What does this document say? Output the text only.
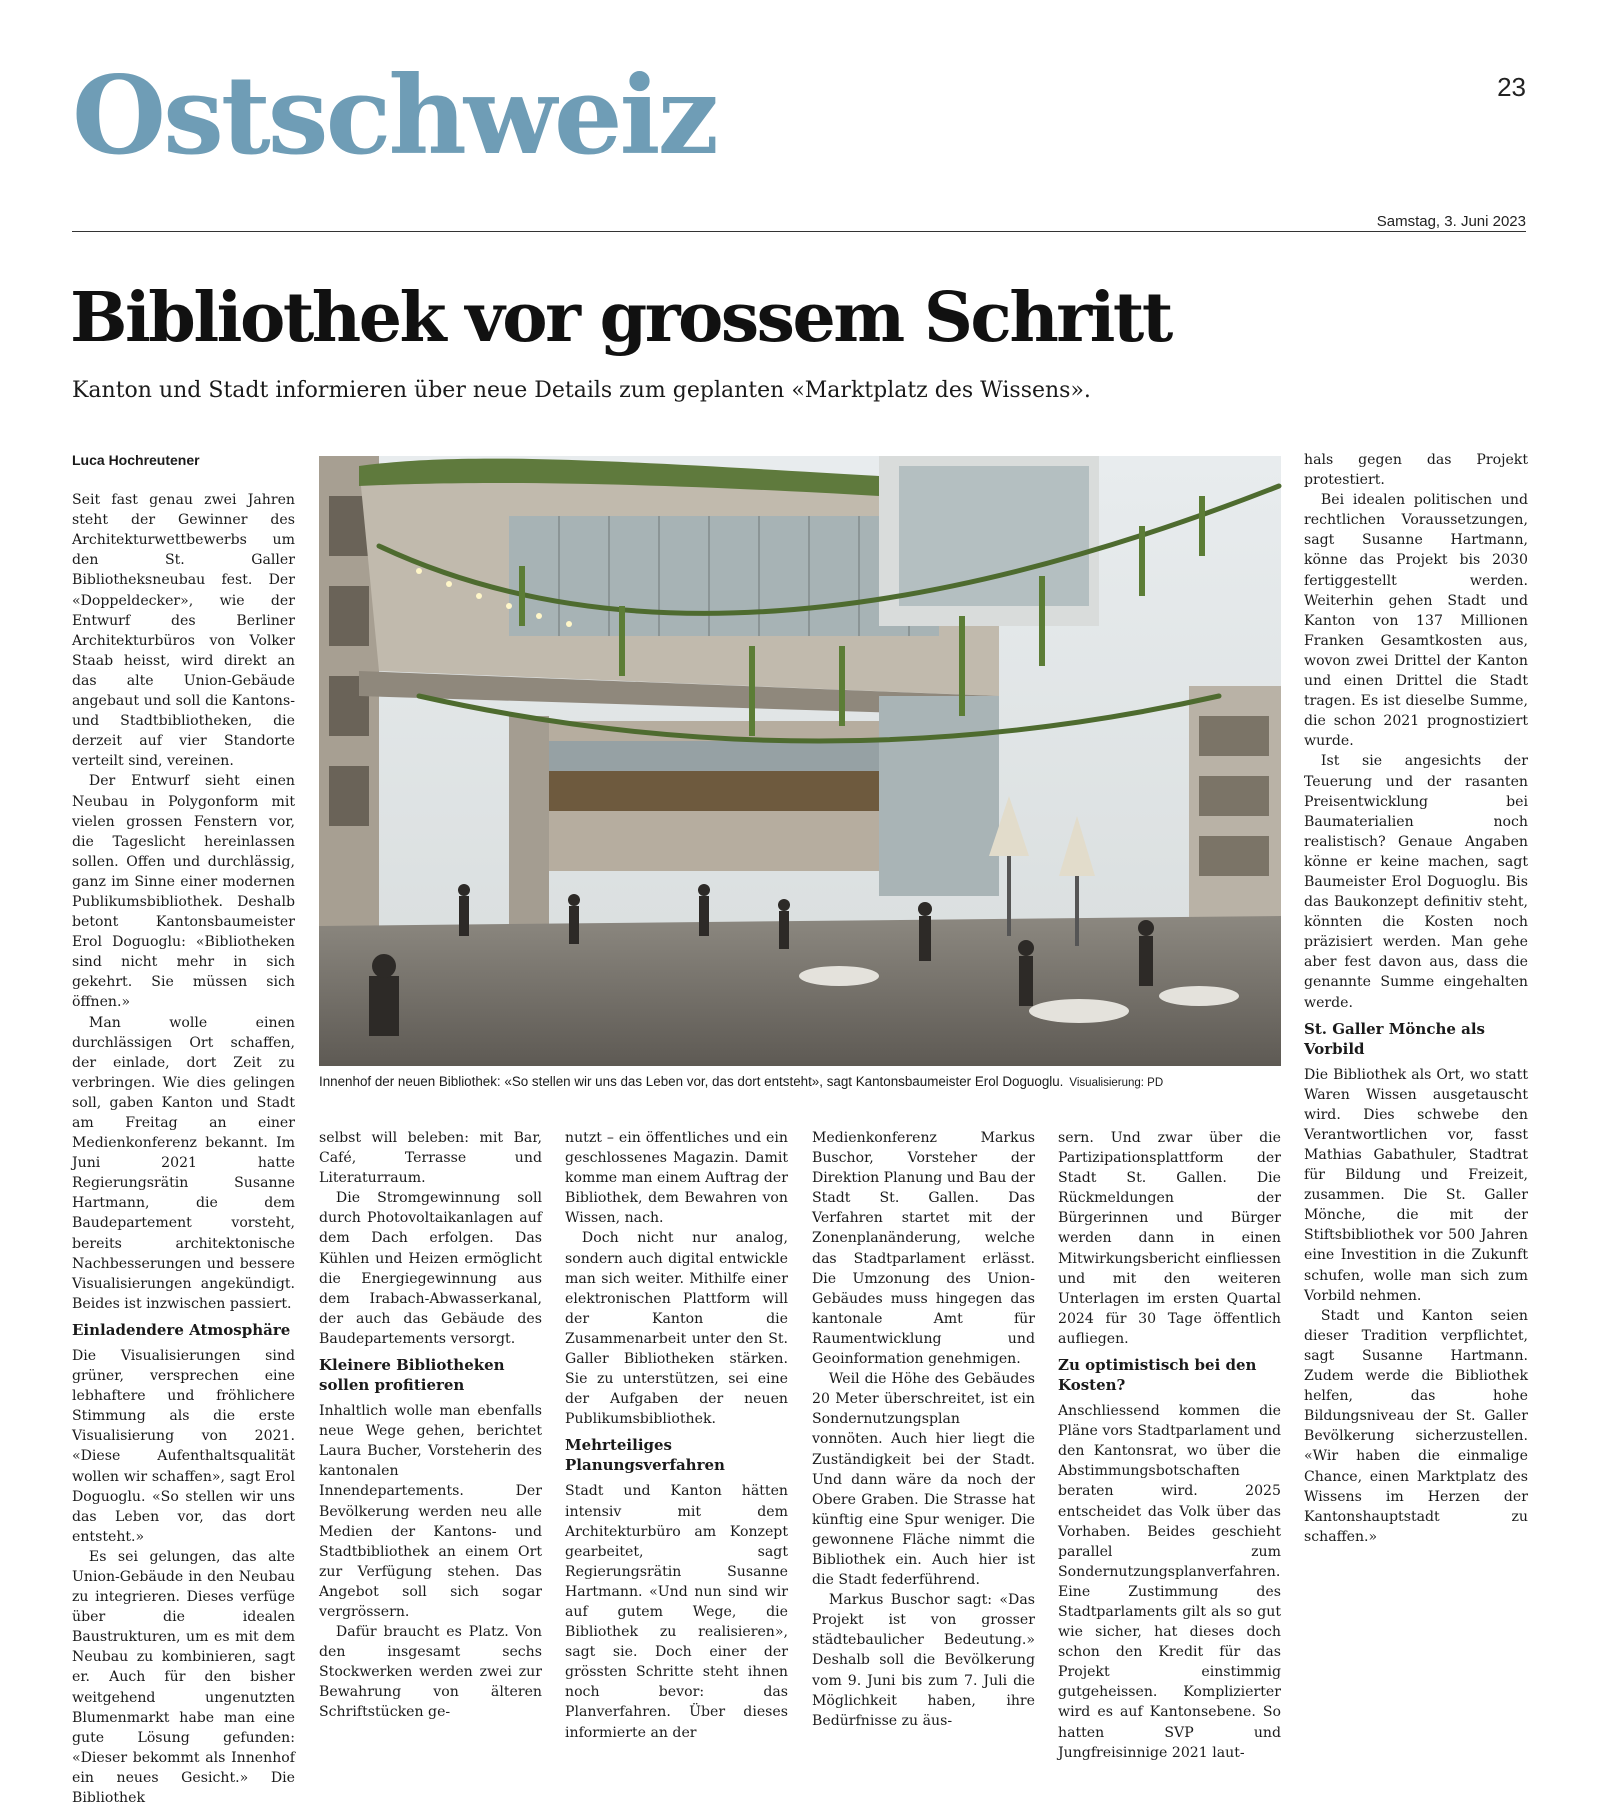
Ostschweiz	23
Samstag, 3. Juni 2023
Bibliothek vor grossem Schritt
Kanton und Stadt informieren über neue Details zum geplanten «Marktplatz des Wissens».
Luca Hochreutener

Seit fast genau zwei Jahren steht der Gewinner des Architekturwettbewerbs um den St. Galler Bibliotheksneubau fest. Der «Doppeldecker», wie der Entwurf des Berliner Architekturbüros von Volker Staab heisst, wird direkt an das alte Union-Gebäude angebaut und soll die Kantons- und Stadtbibliotheken, die derzeit auf vier Standorte verteilt sind, vereinen.

Der Entwurf sieht einen Neubau in Polygonform mit vielen grossen Fenstern vor, die Tageslicht hereinlassen sollen. Offen und durchlässig, ganz im Sinne einer modernen Publikumsbibliothek. Deshalb betont Kantonsbaumeister Erol Doguoglu: «Bibliotheken sind nicht mehr in sich gekehrt. Sie müssen sich öffnen.»

Man wolle einen durchlässigen Ort schaffen, der einlade, dort Zeit zu verbringen. Wie dies gelingen soll, gaben Kanton und Stadt am Freitag an einer Medienkonferenz bekannt. Im Juni 2021 hatte Regierungsrätin Susanne Hartmann, die dem Baudepartement vorsteht, bereits architektonische Nachbesserungen und bessere Visualisierungen angekündigt. Beides ist inzwischen passiert.

Einladendere Atmosphäre

Die Visualisierungen sind grüner, versprechen eine lebhaftere und fröhlichere Stimmung als die erste Visualisierung von 2021. «Diese Aufenthaltsqualität wollen wir schaffen», sagt Erol Doguoglu. «So stellen wir uns das Leben vor, das dort entsteht.»

Es sei gelungen, das alte Union-Gebäude in den Neubau zu integrieren. Dieses verfüge über die idealen Baustrukturen, um es mit dem Neubau zu kombinieren, sagt er. Auch für den bisher weitgehend ungenutzten Blumenmarkt habe man eine gute Lösung gefunden: «Dieser bekommt als Innenhof ein neues Gesicht.» Die Bibliothek

Innenhof der neuen Bibliothek: «So stellen wir uns das Leben vor, das dort entsteht», sagt Kantonsbaumeister Erol Doguoglu. Visualisierung: PD

selbst will beleben: mit Bar, Café, Terrasse und Literaturraum.

Die Stromgewinnung soll durch Photovoltaikanlagen auf dem Dach erfolgen. Das Kühlen und Heizen ermöglicht die Energiegewinnung aus dem Irabach-Abwasserkanal, der auch das Gebäude des Baudepartements versorgt.

Kleinere Bibliotheken sollen profitieren

Inhaltlich wolle man ebenfalls neue Wege gehen, berichtet Laura Bucher, Vorsteherin des kantonalen Innendepartements. Der Bevölkerung werden neu alle Medien der Kantons- und Stadtbibliothek an einem Ort zur Verfügung stehen. Das Angebot soll sich sogar vergrössern.

Dafür braucht es Platz. Von den insgesamt sechs Stockwerken werden zwei zur Bewahrung von älteren Schriftstücken ge-

nutzt – ein öffentliches und ein geschlossenes Magazin. Damit komme man einem Auftrag der Bibliothek, dem Bewahren von Wissen, nach.

Doch nicht nur analog, sondern auch digital entwickle man sich weiter. Mithilfe einer elektronischen Plattform will der Kanton die Zusammenarbeit unter den St. Galler Bibliotheken stärken. Sie zu unterstützen, sei eine der Aufgaben der neuen Publikumsbibliothek.

Mehrteiliges Planungsverfahren

Stadt und Kanton hätten intensiv mit dem Architekturbüro am Konzept gearbeitet, sagt Regierungsrätin Susanne Hartmann. «Und nun sind wir auf gutem Wege, die Bibliothek zu realisieren», sagt sie. Doch einer der grössten Schritte steht ihnen noch bevor: das Planverfahren. Über dieses informierte an der

Medienkonferenz Markus Buschor, Vorsteher der Direktion Planung und Bau der Stadt St. Gallen. Das Verfahren startet mit der Zonenplanänderung, welche das Stadtparlament erlässt. Die Umzonung des Union-Gebäudes muss hingegen das kantonale Amt für Raumentwicklung und Geoinformation genehmigen.

Weil die Höhe des Gebäudes 20 Meter überschreitet, ist ein Sondernutzungsplan vonnöten. Auch hier liegt die Zuständigkeit bei der Stadt. Und dann wäre da noch der Obere Graben. Die Strasse hat künftig eine Spur weniger. Die gewonnene Fläche nimmt die Bibliothek ein. Auch hier ist die Stadt federführend.

Markus Buschor sagt: «Das Projekt ist von grosser städtebaulicher Bedeutung.» Deshalb soll die Bevölkerung vom 9. Juni bis zum 7. Juli die Möglichkeit haben, ihre Bedürfnisse zu äus-

sern. Und zwar über die Partizipationsplattform der Stadt St. Gallen. Die Rückmeldungen der Bürgerinnen und Bürger werden dann in einen Mitwirkungsbericht einfliessen und mit den weiteren Unterlagen im ersten Quartal 2024 für 30 Tage öffentlich aufliegen.

Zu optimistisch bei den Kosten?

Anschliessend kommen die Pläne vors Stadtparlament und den Kantonsrat, wo über die Abstimmungsbotschaften beraten wird. 2025 entscheidet das Volk über das Vorhaben. Beides geschieht parallel zum Sondernutzungsplanverfahren. Eine Zustimmung des Stadtparlaments gilt als so gut wie sicher, hat dieses doch schon den Kredit für das Projekt einstimmig gutgeheissen. Komplizierter wird es auf Kantonsebene. So hatten SVP und Jungfreisinnige 2021 laut-

hals gegen das Projekt protestiert.

Bei idealen politischen und rechtlichen Voraussetzungen, sagt Susanne Hartmann, könne das Projekt bis 2030 fertiggestellt werden. Weiterhin gehen Stadt und Kanton von 137 Millionen Franken Gesamtkosten aus, wovon zwei Drittel der Kanton und einen Drittel die Stadt tragen. Es ist dieselbe Summe, die schon 2021 prognostiziert wurde.

Ist sie angesichts der Teuerung und der rasanten Preisentwicklung bei Baumaterialien noch realistisch? Genaue Angaben könne er keine machen, sagt Baumeister Erol Doguoglu. Bis das Baukonzept definitiv steht, könnten die Kosten noch präzisiert werden. Man gehe aber fest davon aus, dass die genannte Summe eingehalten werde.

St. Galler Mönche als Vorbild

Die Bibliothek als Ort, wo statt Waren Wissen ausgetauscht wird. Dies schwebe den Verantwortlichen vor, fasst Mathias Gabathuler, Stadtrat für Bildung und Freizeit, zusammen. Die St. Galler Mönche, die mit der Stiftsbibliothek vor 500 Jahren eine Investition in die Zukunft schufen, wolle man sich zum Vorbild nehmen.

Stadt und Kanton seien dieser Tradition verpflichtet, sagt Susanne Hartmann. Zudem werde die Bibliothek helfen, das hohe Bildungsniveau der St. Galler Bevölkerung sicherzustellen. «Wir haben die einmalige Chance, einen Marktplatz des Wissens im Herzen der Kantonshauptstadt zu schaffen.»
